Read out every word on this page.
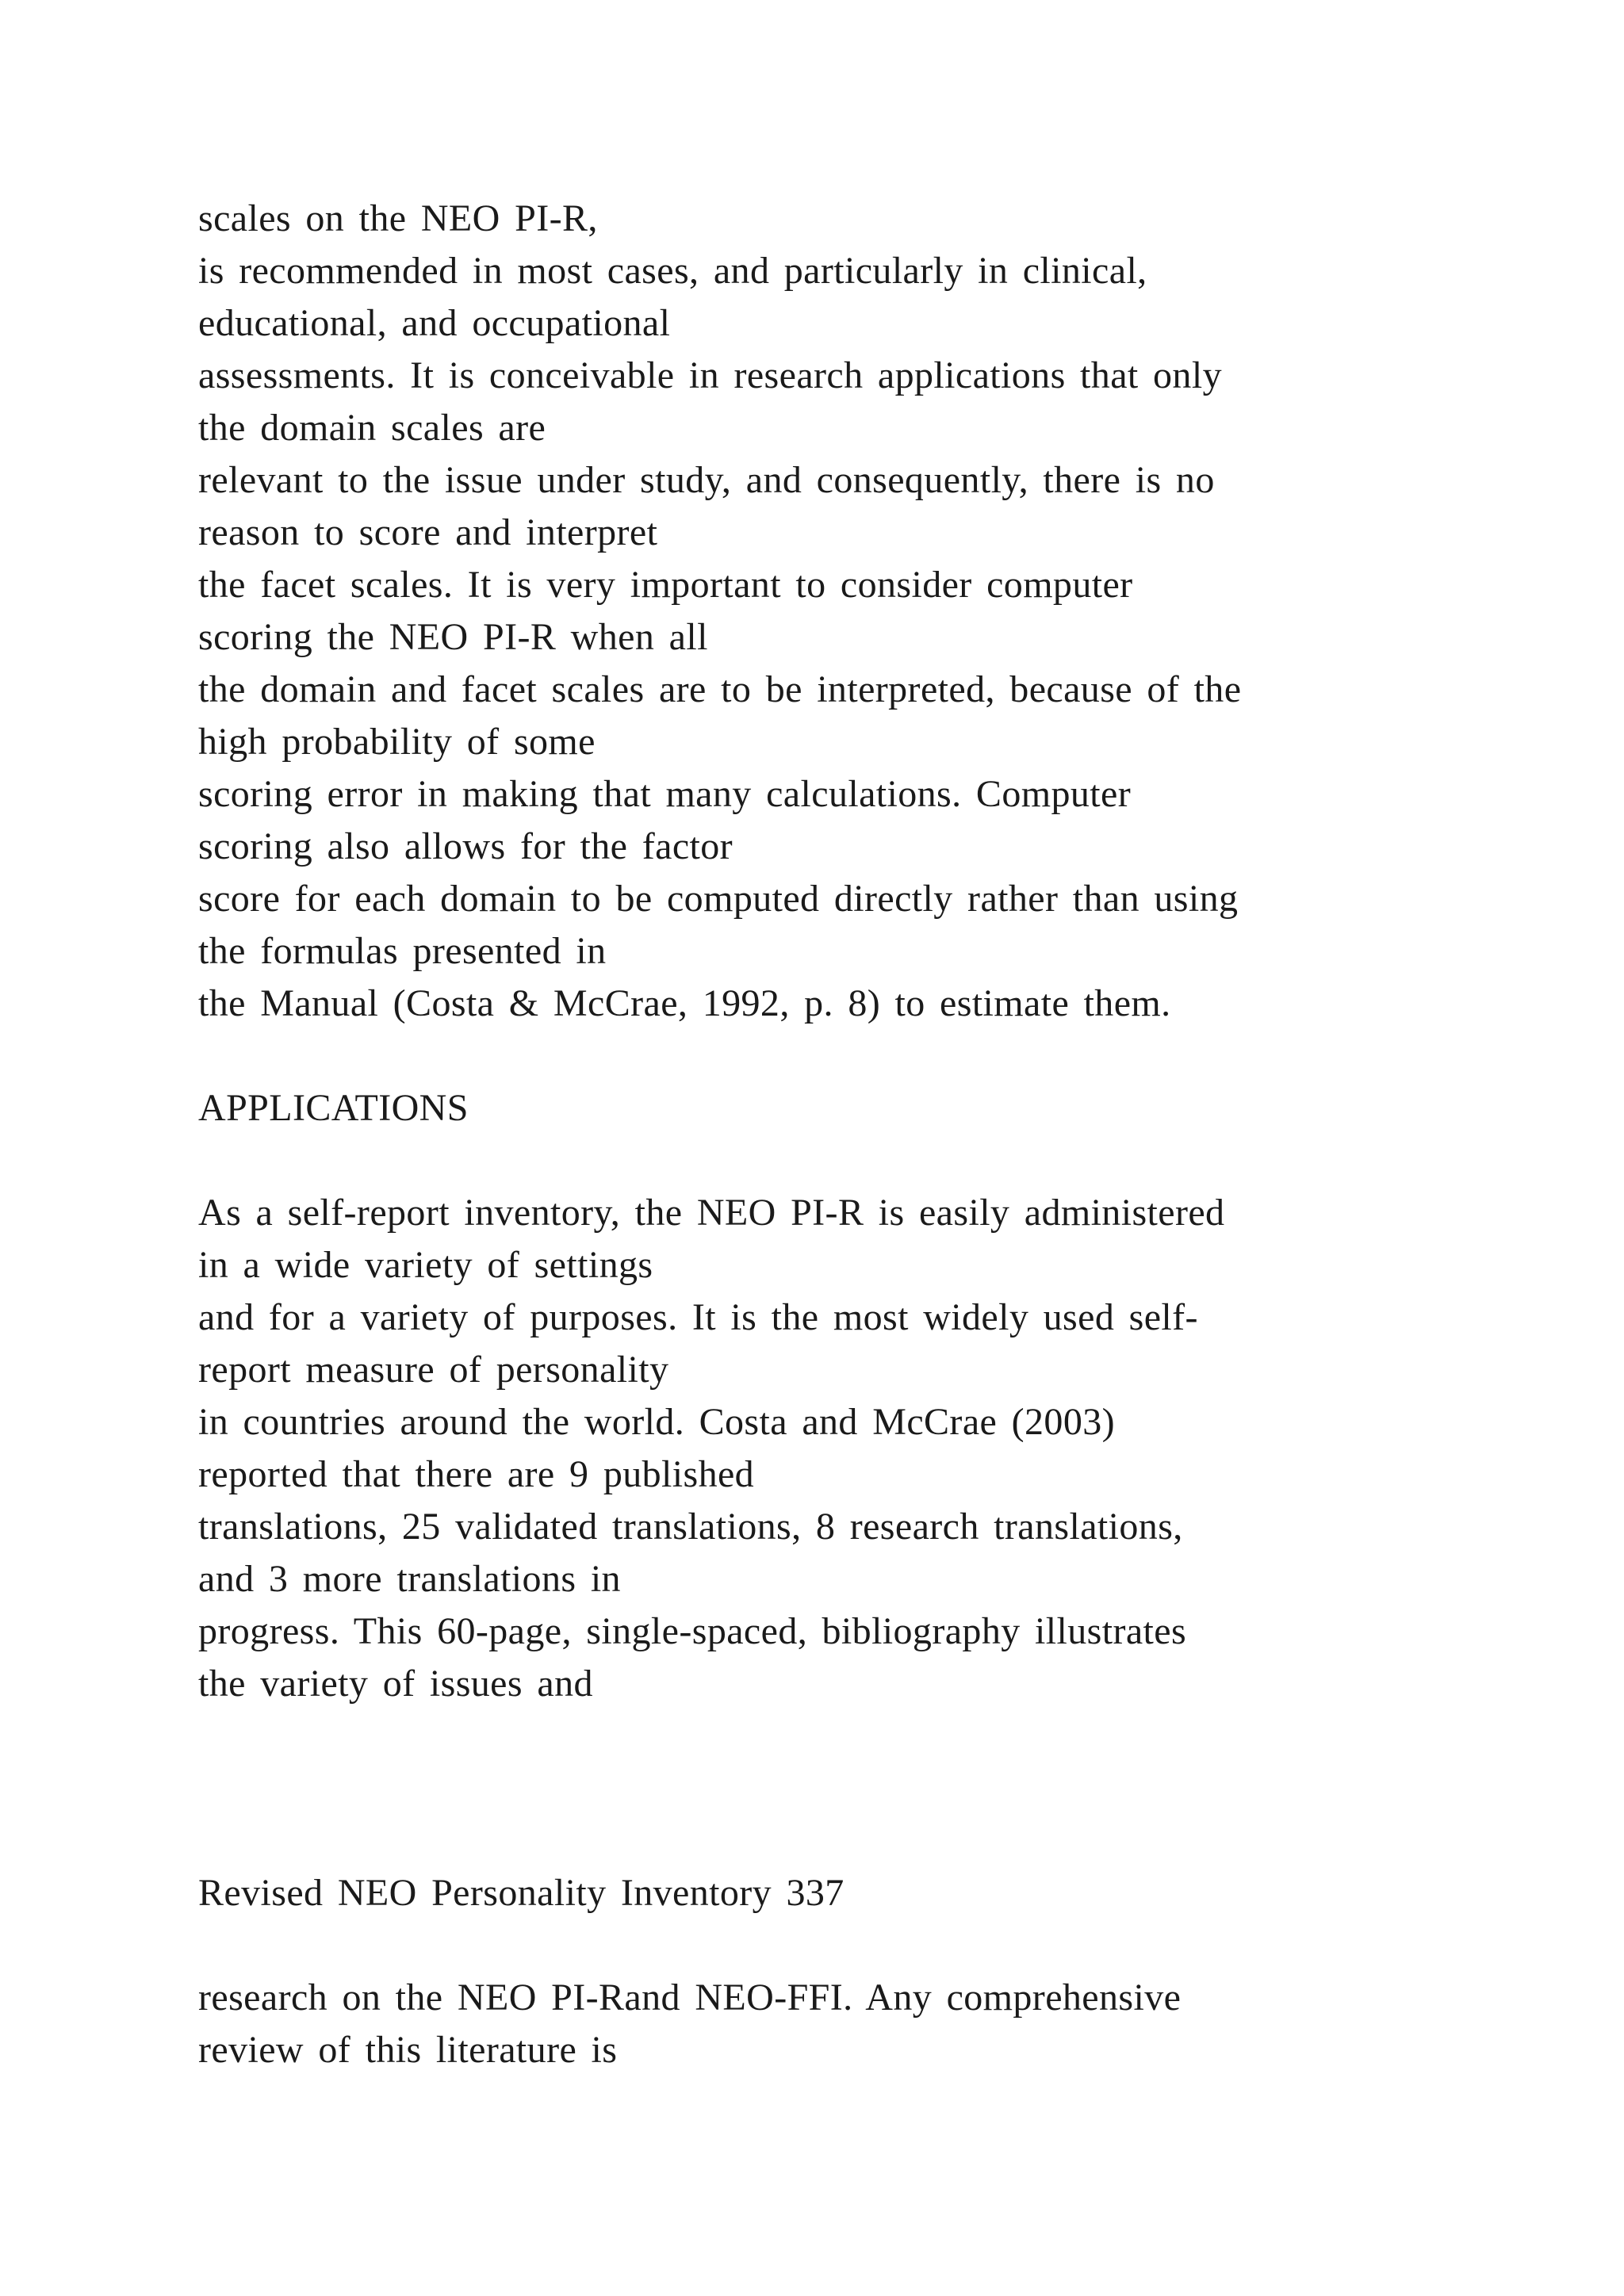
scales on the NEO PI-R,
is recommended in most cases, and particularly in clinical,
educational, and occupational
assessments. It is conceivable in research applications that only
the domain scales are
relevant to the issue under study, and consequently, there is no
reason to score and interpret
the facet scales. It is very important to consider computer
scoring the NEO PI-R when all
the domain and facet scales are to be interpreted, because of the
high probability of some
scoring error in making that many calculations. Computer
scoring also allows for the factor
score for each domain to be computed directly rather than using
the formulas presented in
the Manual (Costa & McCrae, 1992, p. 8) to estimate them.
APPLICATIONS
As a self-report inventory, the NEO PI-R is easily administered
in a wide variety of settings
and for a variety of purposes. It is the most widely used self-
report measure of personality
in countries around the world. Costa and McCrae (2003)
reported that there are 9 published
translations, 25 validated translations, 8 research translations,
and 3 more translations in
progress. This 60-page, single-spaced, bibliography illustrates
the variety of issues and
Revised NEO Personality Inventory 337
research on the NEO PI-Rand NEO-FFI. Any comprehensive
review of this literature is
